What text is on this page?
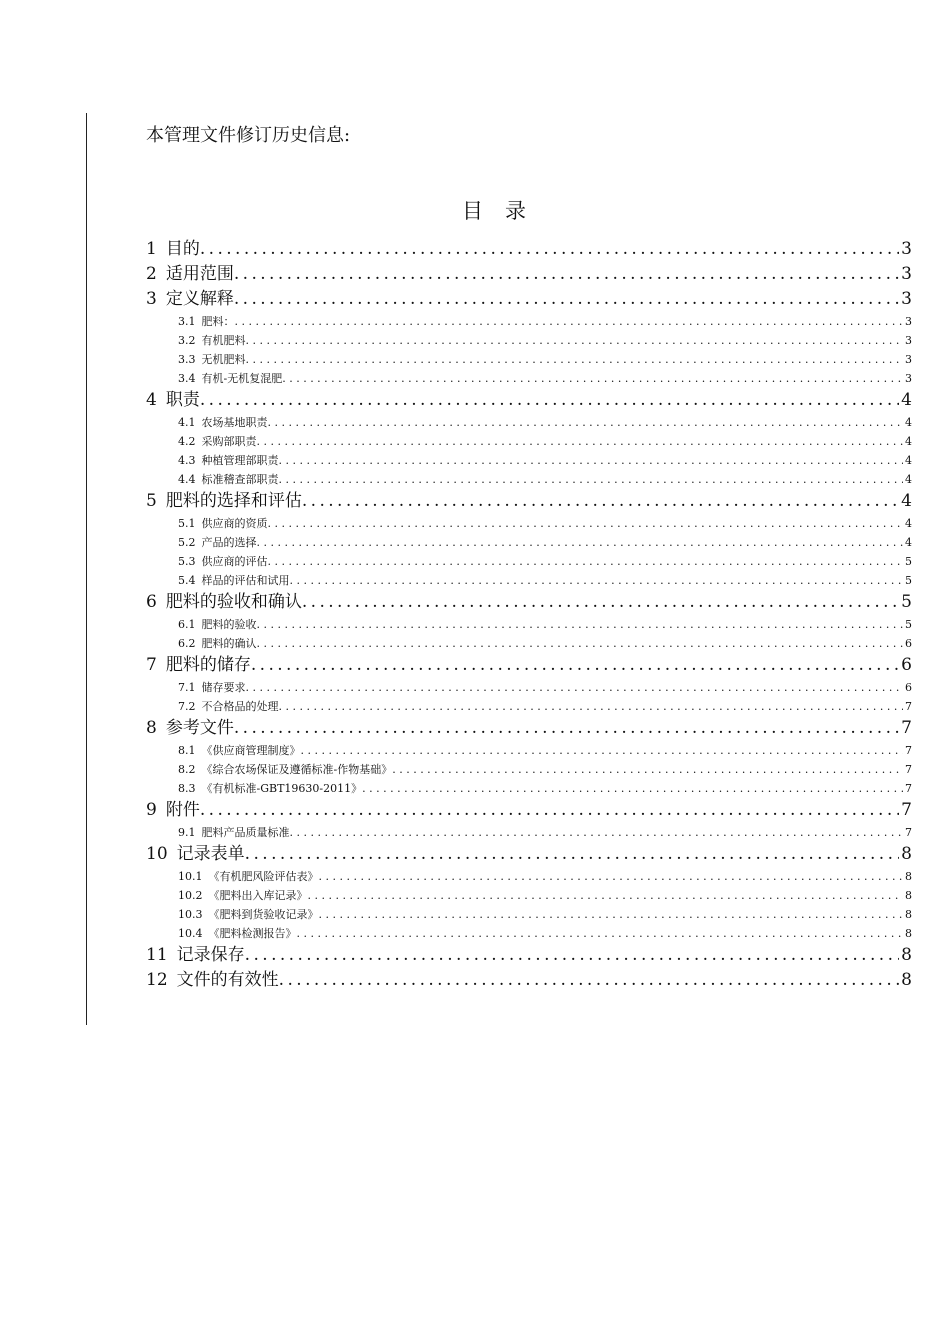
本管理文件修订历史信息:
目录
1 目的 . . .	3
2 适用范围 . . .	3
3 定义解释 . . .	3
3.1 肥料： . . .	3
3.2 有机肥料 . . .	3
3.3 无机肥料 . . .	3
3.4 有机-无机复混肥 . . .	3
4 职责 . . .	4
4.1 农场基地职责 . . .	4
4.2 采购部职责 . . .	4
4.3 种植管理部职责 . . .	4
4.4 标准稽查部职责 . . .	4
5 肥料的选择和评估 . . .	4
5.1 供应商的资质 . . .	4
5.2 产品的选择 . . .	4
5.3 供应商的评估 . . .	5
5.4 样品的评估和试用 . . .	5
6 肥料的验收和确认 . . .	5
6.1 肥料的验收 . . .	5
6.2 肥料的确认 . . .	6
7 肥料的储存 . . .	6
7.1 储存要求 . . .	6
7.2 不合格品的处理 . . .	7
8 参考文件 . . .	7
8.1 《供应商管理制度》 . . .	7
8.2 《综合农场保证及遵循标准-作物基础》 . . .	7
8.3 《有机标准-GBT19630-2011》 . . .	7
9 附件 . . .	7
9.1 肥料产品质量标准 . . .	7
10 记录表单 . . .	8
10.1 《有机肥风险评估表》 . . .	8
10.2 《肥料出入库记录》 . . .	8
10.3 《肥料到货验收记录》 . . .	8
10.4 《肥料检测报告》 . . .	8
11 记录保存 . . .	8
12 文件的有效性 . . .	8
